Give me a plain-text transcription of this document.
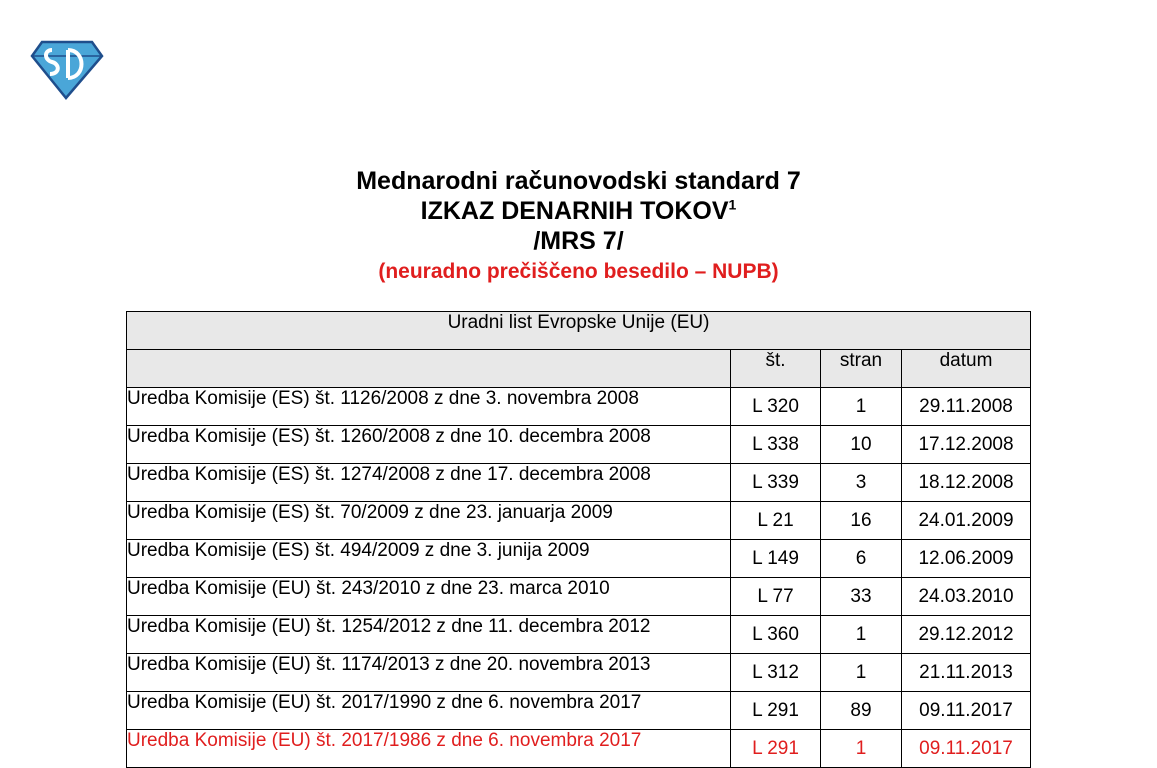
Mednarodni računovodski standard 7
IZKAZ DENARNIH TOKOV$^1$
/MRS 7/
(neuradno prečiščeno besedilo – NUPB)
Uradni list Evropske Unije (EU)			
	št.	stran	datum
Uredba Komisije (ES) št. 1126/2008 z dne 3. novembra 2008	L 320	1	29.11.2008
Uredba Komisije (ES) št. 1260/2008 z dne 10. decembra 2008	L 338	10	17.12.2008
Uredba Komisije (ES) št. 1274/2008 z dne 17. decembra 2008	L 339	3	18.12.2008
Uredba Komisije (ES) št. 70/2009 z dne 23. januarja 2009	L 21	16	24.01.2009
Uredba Komisije (ES) št. 494/2009 z dne 3. junija 2009	L 149	6	12.06.2009
Uredba Komisije (EU) št. 243/2010 z dne 23. marca 2010	L 77	33	24.03.2010
Uredba Komisije (EU) št. 1254/2012 z dne 11. decembra 2012	L 360	1	29.12.2012
Uredba Komisije (EU) št. 1174/2013 z dne 20. novembra 2013	L 312	1	21.11.2013
Uredba Komisije (EU) št. 2017/1990 z dne 6. novembra 2017	L 291	89	09.11.2017
Uredba Komisije (EU) št. 2017/1986 z dne 6. novembra 2017	L 291	1	09.11.2017
